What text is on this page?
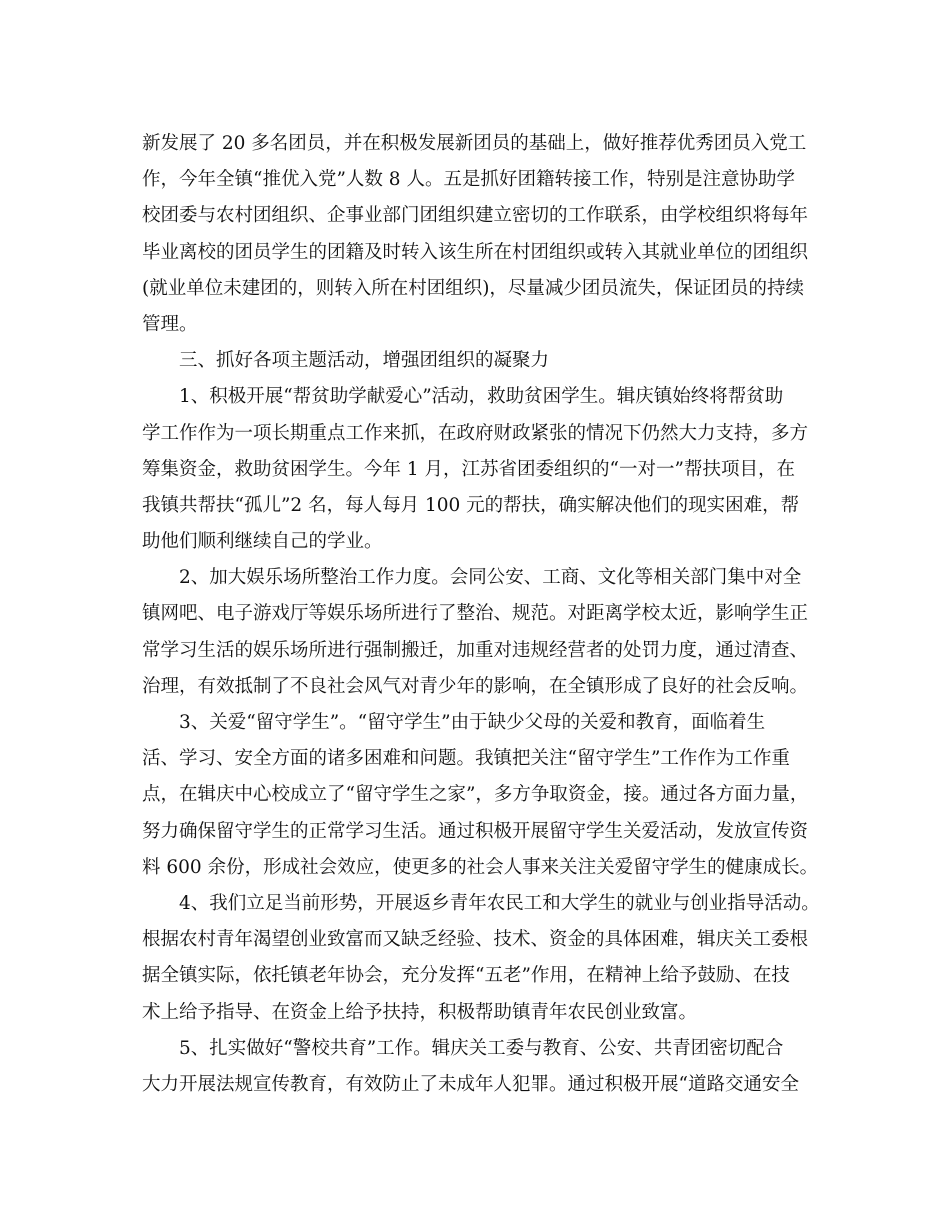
新发展了 20 多名团员，并在积极发展新团员的基础上，做好推荐优秀团员入党工
作，今年全镇“推优入党”人数 8 人。五是抓好团籍转接工作，特别是注意协助学
校团委与农村团组织、企事业部门团组织建立密切的工作联系，由学校组织将每年
毕业离校的团员学生的团籍及时转入该生所在村团组织或转入其就业单位的团组织
(就业单位未建团的，则转入所在村团组织)，尽量减少团员流失，保证团员的持续
管理。
三、抓好各项主题活动，增强团组织的凝聚力
1、积极开展“帮贫助学献爱心”活动，救助贫困学生。辑庆镇始终将帮贫助
学工作作为一项长期重点工作来抓，在政府财政紧张的情况下仍然大力支持，多方
筹集资金，救助贫困学生。今年 1 月，江苏省团委组织的“一对一”帮扶项目，在
我镇共帮扶“孤儿”2 名，每人每月 100 元的帮扶，确实解决他们的现实困难，帮
助他们顺利继续自己的学业。
2、加大娱乐场所整治工作力度。会同公安、工商、文化等相关部门集中对全
镇网吧、电子游戏厅等娱乐场所进行了整治、规范。对距离学校太近，影响学生正
常学习生活的娱乐场所进行强制搬迁，加重对违规经营者的处罚力度，通过清查、
治理，有效抵制了不良社会风气对青少年的影响，在全镇形成了良好的社会反响。
3、关爱“留守学生”。“留守学生”由于缺少父母的关爱和教育，面临着生
活、学习、安全方面的诸多困难和问题。我镇把关注“留守学生”工作作为工作重
点，在辑庆中心校成立了“留守学生之家”，多方争取资金，接。通过各方面力量，
努力确保留守学生的正常学习生活。通过积极开展留守学生关爱活动，发放宣传资
料 600 余份，形成社会效应，使更多的社会人事来关注关爱留守学生的健康成长。
4、我们立足当前形势，开展返乡青年农民工和大学生的就业与创业指导活动。
根据农村青年渴望创业致富而又缺乏经验、技术、资金的具体困难，辑庆关工委根
据全镇实际，依托镇老年协会，充分发挥“五老”作用，在精神上给予鼓励、在技
术上给予指导、在资金上给予扶持，积极帮助镇青年农民创业致富。
5、扎实做好“警校共育”工作。辑庆关工委与教育、公安、共青团密切配合
大力开展法规宣传教育，有效防止了未成年人犯罪。通过积极开展“道路交通安全
